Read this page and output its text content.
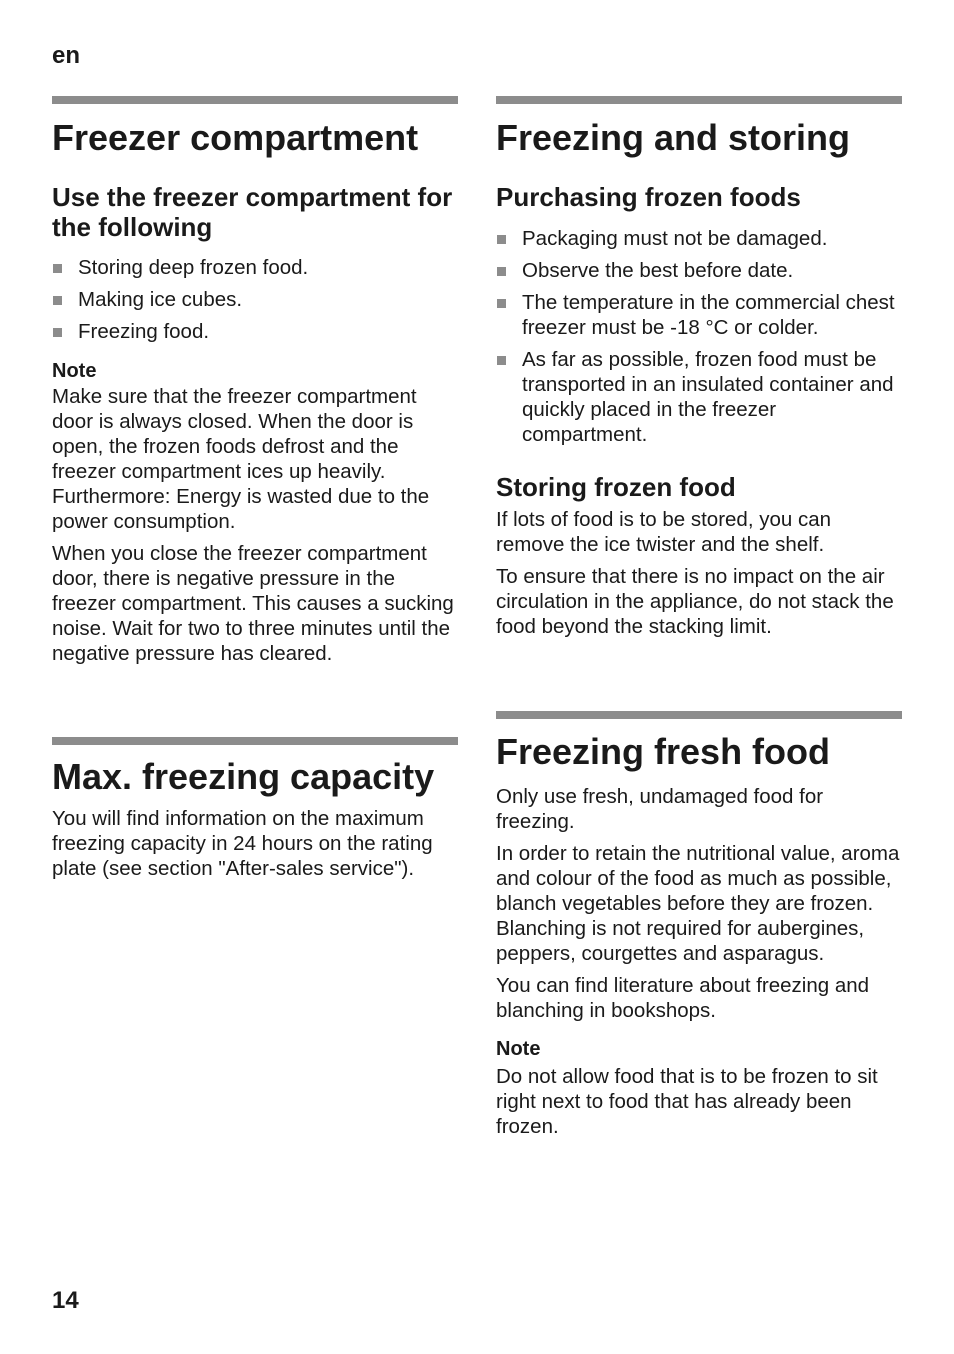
en
Freezer compartment
Use the freezer compartment for the following
Storing deep frozen food.
Making ice cubes.
Freezing food.
Note

Make sure that the freezer compartment door is always closed. When the door is open, the frozen foods defrost and the freezer compartment ices up heavily. Furthermore: Energy is wasted due to the power consumption.

When you close the freezer compartment door, there is negative pressure in the freezer compartment. This causes a sucking noise. Wait for two to three minutes until the negative pressure has cleared.

Max. freezing capacity

You will find information on the maximum freezing capacity in 24 hours on the rating plate (see section "After-sales service").

Freezing and storing
Purchasing frozen foods
Packaging must not be damaged.
Observe the best before date.
The temperature in the commercial chest freezer must be -18 °C or colder.
As far as possible, frozen food must be transported in an insulated container and quickly placed in the freezer compartment.
Storing frozen food

If lots of food is to be stored, you can remove the ice twister and the shelf.

To ensure that there is no impact on the air circulation in the appliance, do not stack the food beyond the stacking limit.

Freezing fresh food

Only use fresh, undamaged food for freezing.

In order to retain the nutritional value, aroma and colour of the food as much as possible, blanch vegetables before they are frozen. Blanching is not required for aubergines, peppers, courgettes and asparagus.

You can find literature about freezing and blanching in bookshops.

Note

Do not allow food that is to be frozen to sit right next to food that has already been frozen.

14
